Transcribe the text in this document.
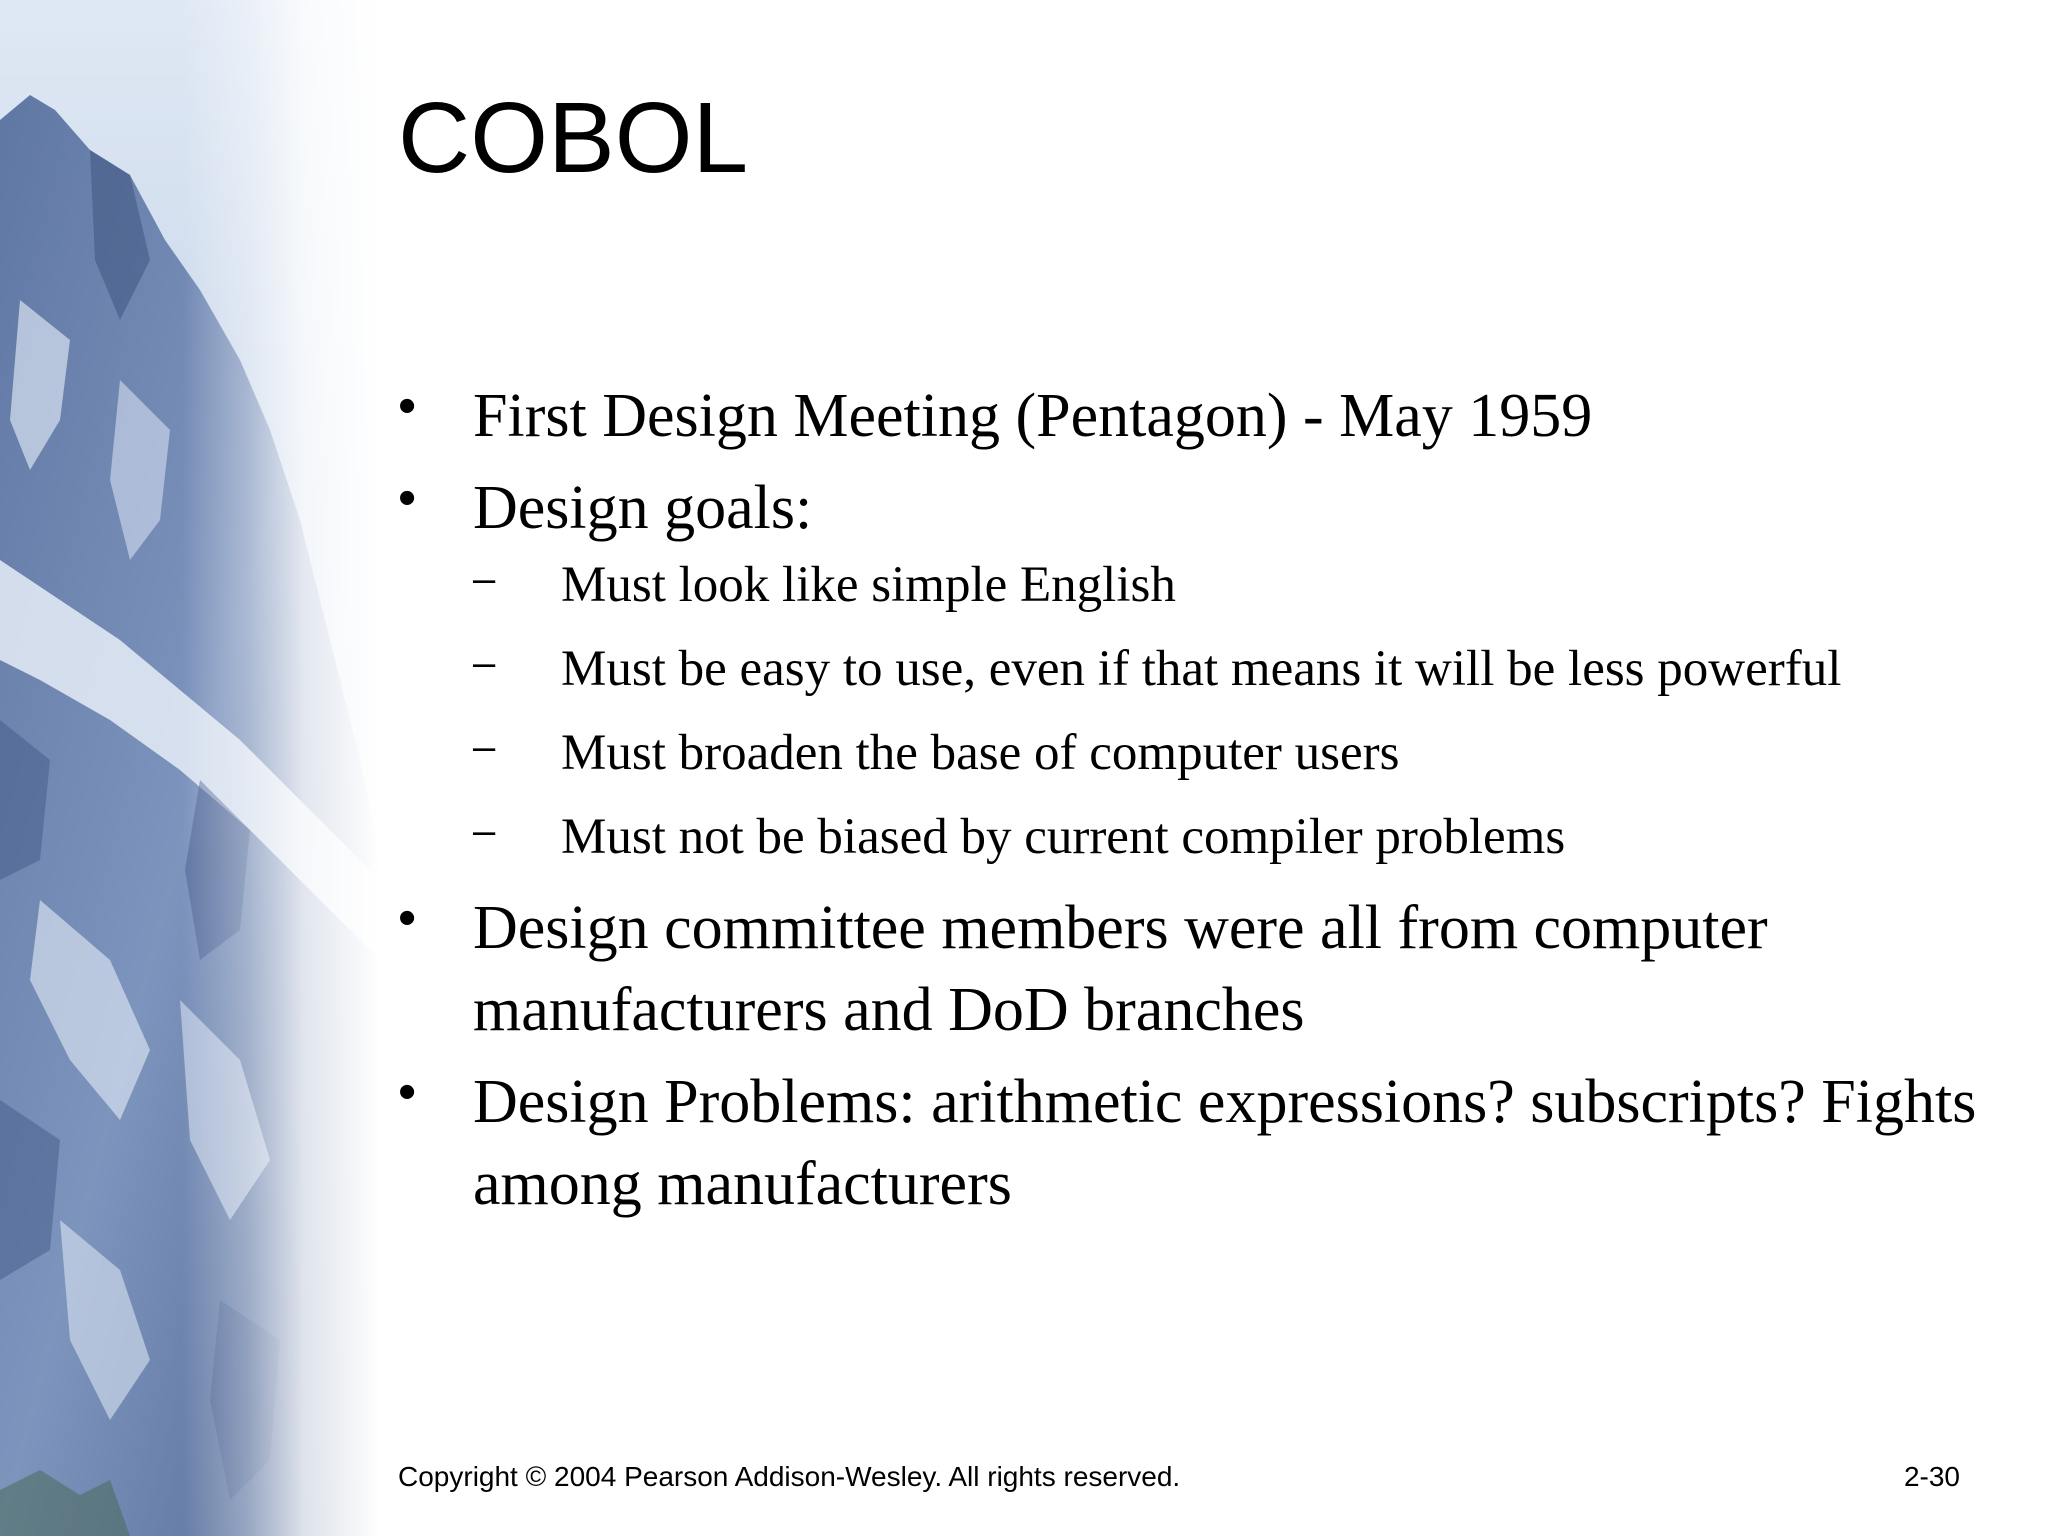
COBOL
• First Design Meeting (Pentagon) - May 1959
• Design goals:
– Must look like simple English
– Must be easy to use, even if that means it will be less powerful
– Must broaden the base of computer users
– Must not be biased by current compiler problems
• Design committee members were all from computer manufacturers and DoD branches
• Design Problems: arithmetic expressions? subscripts? Fights among manufacturers
Copyright © 2004 Pearson Addison-Wesley. All rights reserved.	2-30
